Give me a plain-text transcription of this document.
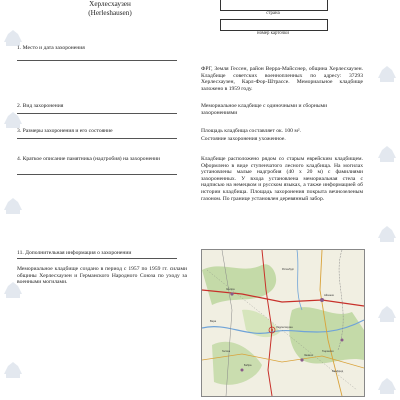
Херлесхаузен
(Herleshausen)	страна
номер карточки
1. Место и дата захоронения
ФРГ, Земля Гессен, район Верра-Майсснер, община Херлесхаузен. Кладбище советских военнопленных по адресу: 37293 Херлесхаузен, Карл-Фор-Штрассе. Мемориальное кладбище заложено в 1959 году.
2. Вид захоронения	Мемориальное кладбище с одиночными и сборными захоронениями
3. Размеры захоронения и его состояние	Площадь кладбища составляет ок. 100 м².
Состояние захоронения ухоженное.
4. Краткое описание памятника (надгробия) на захоронении	Кладбище расположено рядом со старым еврейским кладбищем. Оформлено в виде ступенчатого лесного кладбища. На могилах установлены малые надгробия (40 x 20 м) с фамилиями захороненных. У входа установлена мемориальная стела с надписью на немецком и русском языках, а также информацией об истории кладбища. Площадь захоронения покрыта вечнозеленым газоном. По границе установлен деревянный забор.
11. Дополнительная информация о захоронении
Мемориальное кладбище создано в период с 1957 по 1959 гг. силами общины Херлесхаузен и Германского Народного Союза по уходу за военными могилами.
Херлесхаузен
Айзенах
Зонтра
Вера
Гессен	Тюрингия
Бебра
Ротенбург
Ванфрид
Эшвеге
